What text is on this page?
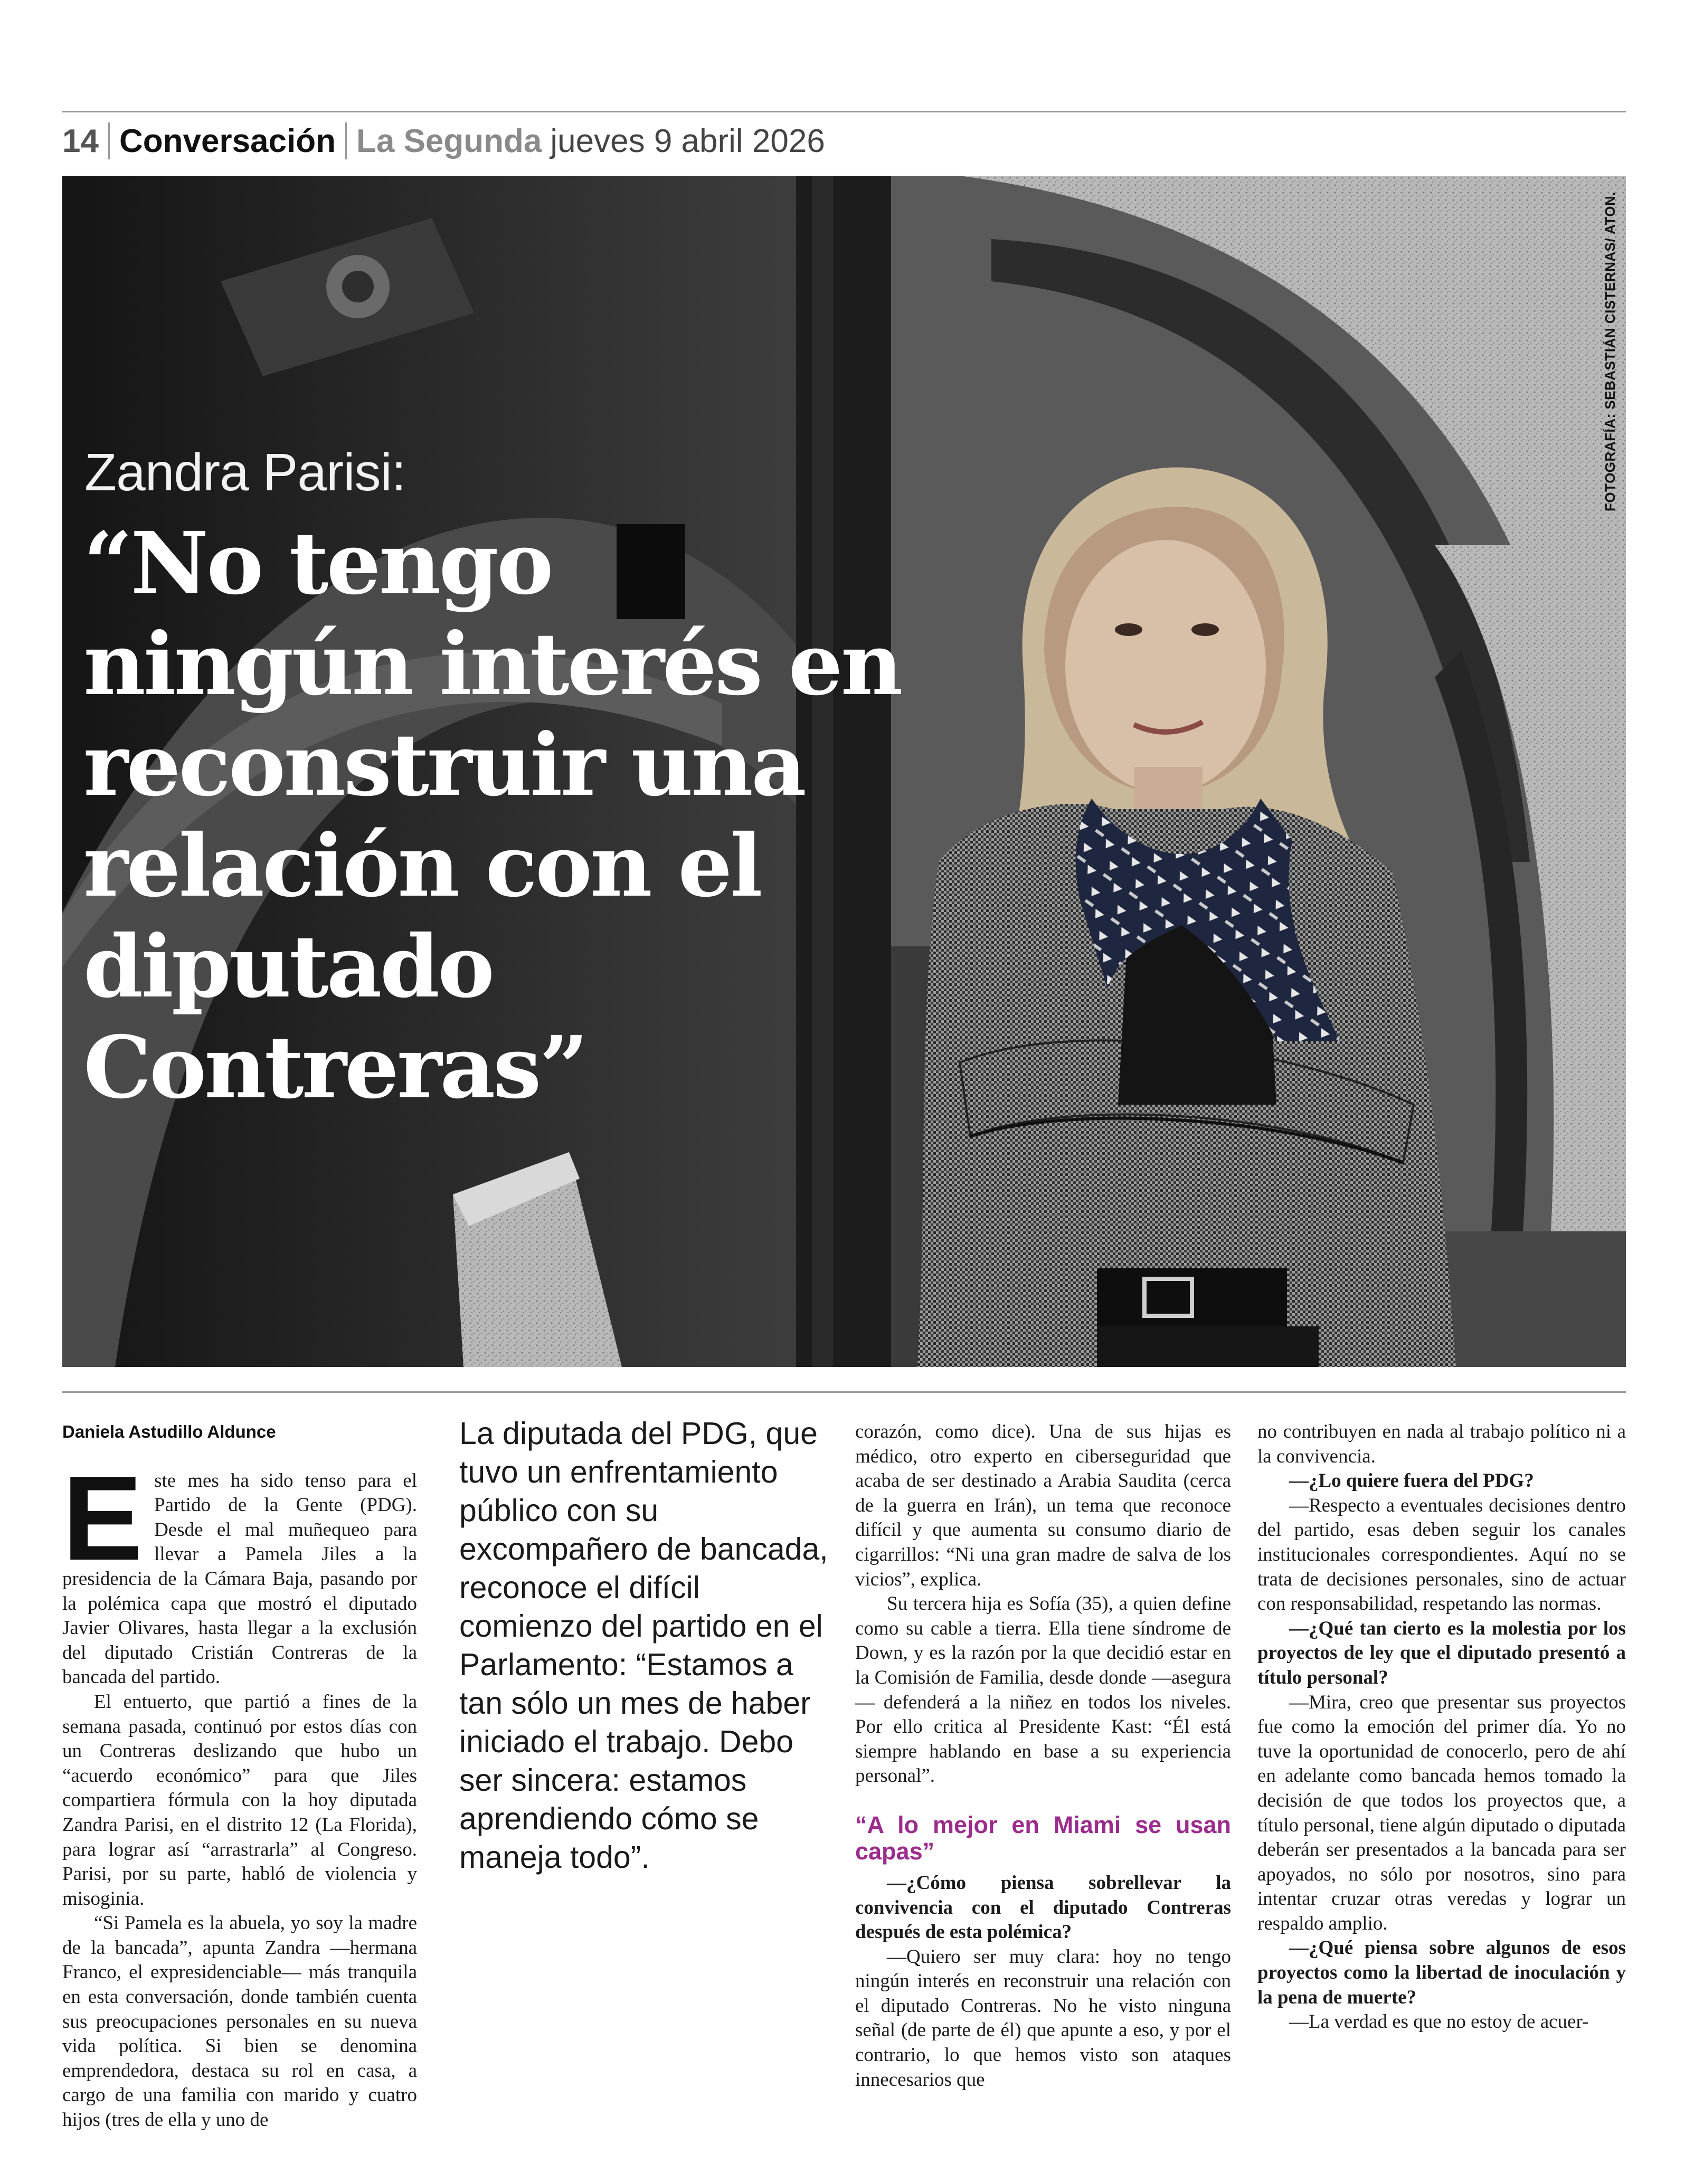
14 Conversación La Segunda jueves 9 abril 2026
FOTOGRAFÍA: SEBASTIÁN CISTERNAS/ ATON.
Zandra Parisi:
“No tengo ningún interés en reconstruir una relación con el diputado Contreras”
Daniela Astudillo Aldunce

Este mes ha sido tenso para el Partido de la Gente (PDG). Desde el mal muñequeo para llevar a Pamela Jiles a la presidencia de la Cámara Baja, pasando por la polémica capa que mostró el diputado Javier Olivares, hasta llegar a la exclusión del diputado Cristián Contreras de la bancada del partido.

El entuerto, que partió a fines de la semana pasada, continuó por estos días con un Contreras deslizando que hubo un “acuerdo económico” para que Jiles compartiera fórmula con la hoy diputada Zandra Parisi, en el distrito 12 (La Florida), para lograr así “arrastrarla” al Congreso. Parisi, por su parte, habló de violencia y misoginia.

“Si Pamela es la abuela, yo soy la madre de la bancada”, apunta Zandra —hermana Franco, el expresidenciable— más tranquila en esta conversación, donde también cuenta sus preocupaciones personales en su nueva vida política. Si bien se denomina emprendedora, destaca su rol en casa, a cargo de una familia con marido y cuatro hijos (tres de ella y uno de

La diputada del PDG, que tuvo un enfrentamiento público con su excompañero de bancada, reconoce el difícil comienzo del partido en el Parlamento: “Estamos a tan sólo un mes de haber iniciado el trabajo. Debo ser sincera: estamos aprendiendo cómo se maneja todo”.

corazón, como dice). Una de sus hijas es médico, otro experto en ciberseguridad que acaba de ser destinado a Arabia Saudita (cerca de la guerra en Irán), un tema que reconoce difícil y que aumenta su consumo diario de cigarrillos: “Ni una gran madre de salva de los vicios”, explica.

Su tercera hija es Sofía (35), a quien define como su cable a tierra. Ella tiene síndrome de Down, y es la razón por la que decidió estar en la Comisión de Familia, desde donde —asegura— defenderá a la niñez en todos los niveles. Por ello critica al Presidente Kast: “Él está siempre hablando en base a su experiencia personal”.

“A lo mejor en Miami se usan capas”

—¿Cómo piensa sobrellevar la convivencia con el diputado Contreras después de esta polémica?

—Quiero ser muy clara: hoy no tengo ningún interés en reconstruir una relación con el diputado Contreras. No he visto ninguna señal (de parte de él) que apunte a eso, y por el contrario, lo que hemos visto son ataques innecesarios que

no contribuyen en nada al trabajo político ni a la convivencia.

—¿Lo quiere fuera del PDG?

—Respecto a eventuales decisiones dentro del partido, esas deben seguir los canales institucionales correspondientes. Aquí no se trata de decisiones personales, sino de actuar con responsabilidad, respetando las normas.

—¿Qué tan cierto es la molestia por los proyectos de ley que el diputado presentó a título personal?

—Mira, creo que presentar sus proyectos fue como la emoción del primer día. Yo no tuve la oportunidad de conocerlo, pero de ahí en adelante como bancada hemos tomado la decisión de que todos los proyectos que, a título personal, tiene algún diputado o diputada deberán ser presentados a la bancada para ser apoyados, no sólo por nosotros, sino para intentar cruzar otras veredas y lograr un respaldo amplio.

—¿Qué piensa sobre algunos de esos proyectos como la libertad de inoculación y la pena de muerte?

—La verdad es que no estoy de acuer-
